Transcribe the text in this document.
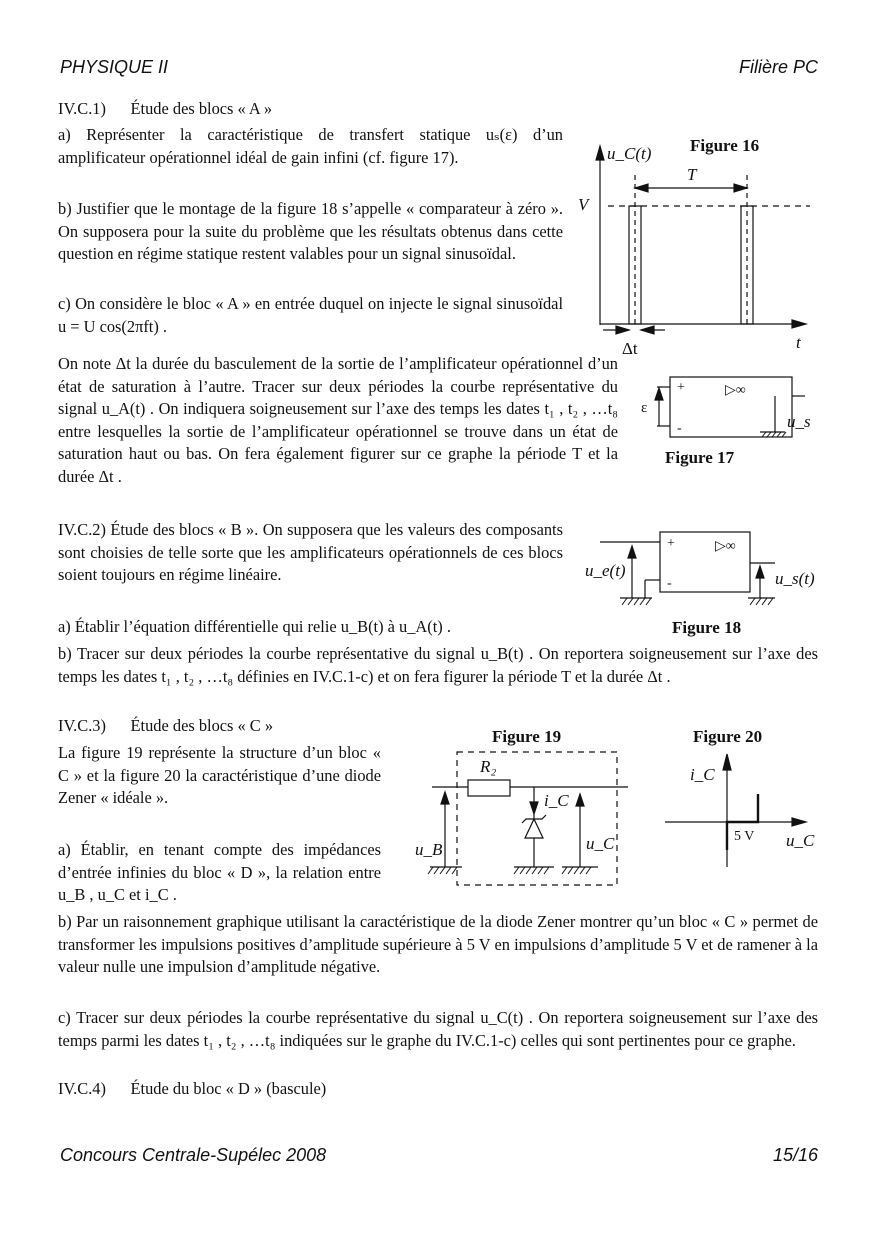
PHYSIQUE II	Filière PC
IV.C.1)      Étude des blocs « A »
a) Représenter la caractéristique de transfert statique uₛ(ε) d’un amplificateur opérationnel idéal de gain infini (cf. figure 17).
b) Justifier que le montage de la figure 18 s’appelle « comparateur à zéro ». On supposera pour la suite du problème que les résultats obtenus dans cette question en régime statique restent valables pour un signal sinusoïdal.
c) On considère le bloc « A » en entrée duquel on injecte le signal sinusoïdal u = U cos(2πft) .
On note Δt la durée du basculement de la sortie de l’amplificateur opérationnel d’un état de saturation à l’autre. Tracer sur deux périodes la courbe représentative du signal u_A(t) . On indiquera soigneusement sur l’axe des temps les dates t₁ , t₂ , …t₈ entre lesquelles la sortie de l’amplificateur opérationnel se trouve dans un état de saturation haut ou bas. On fera également figurer sur ce graphe la période T et la durée Δt .
IV.C.2) Étude des blocs « B ». On supposera que les valeurs des composants sont choisies de telle sorte que les amplificateurs opérationnels de ces blocs soient toujours en régime linéaire.
a) Établir l’équation différentielle qui relie u_B(t) à u_A(t) .
b) Tracer sur deux périodes la courbe représentative du signal u_B(t) . On reportera soigneusement sur l’axe des temps les dates t₁ , t₂ , …t₈ définies en IV.C.1-c) et on fera figurer la période T et la durée Δt .
IV.C.3)      Étude des blocs « C »
La figure 19 représente la structure d’un bloc « C » et la figure 20 la caractéristique d’une diode Zener « idéale ».
a) Établir, en tenant compte des impédances d’entrée infinies du bloc « D », la relation entre u_B , u_C et i_C .
b) Par un raisonnement graphique utilisant la caractéristique de la diode Zener montrer qu’un bloc « C » permet de transformer les impulsions positives d’amplitude supérieure à 5 V en impulsions d’amplitude 5 V et de ramener à la valeur nulle une impulsion d’amplitude négative.
c) Tracer sur deux périodes la courbe représentative du signal u_C(t) . On reportera soigneusement sur l’axe des temps parmi les dates t₁ , t₂ , …t₈ indiquées sur le graphe du IV.C.1-c) celles qui sont pertinentes pour ce graphe.
IV.C.4)      Étude du bloc « D » (bascule)
Concours Centrale-Supélec 2008	15/16
Figure 16
u_C(t)
t
V
T
Δt
+
-
▷∞
ε
u_s
Figure 17
+
-
▷∞
u_e(t)	u_s(t)
Figure 18
Figure 19
R₂
u_B
i_C
u_C
Figure 20
i_C
u_C
5 V
